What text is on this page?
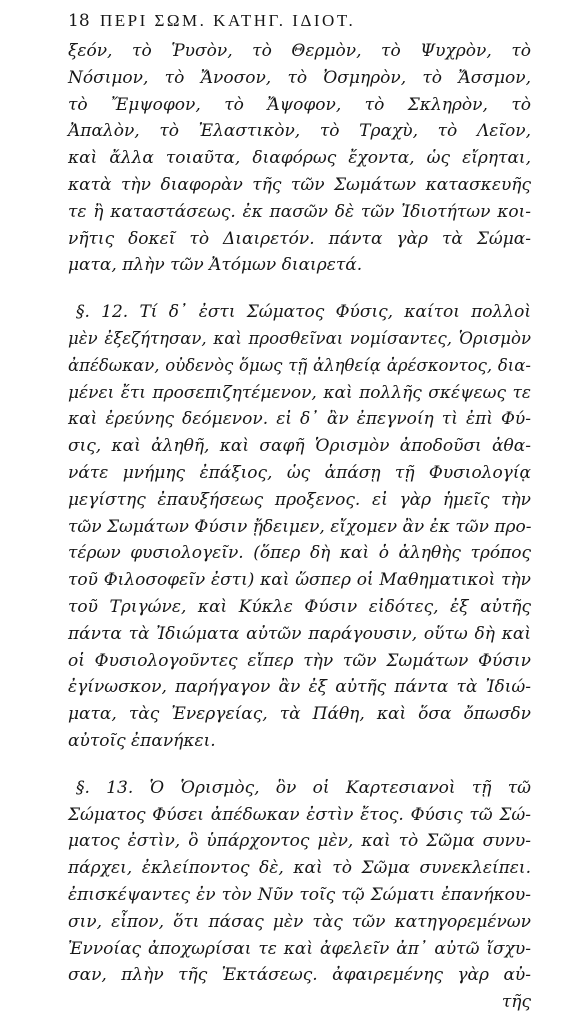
18 ΠΕΡΙ ΣΩΜ. ΚΑΤΗΓ. ΙΔΙΟΤ.

ξεόν, τὸ Ῥυσὸν, τὸ Θερμὸν, τὸ Ψυχρὸν, τὸ
Νόσιμον, τὸ Ἄνοσον, τὸ Ὀσμηρὸν, τὸ Ἄσσμον,
τὸ Ἔμψοφον, τὸ Ἄψοφον, τὸ Σκληρὸν, τὸ
Ἀπαλὸν, τὸ Ἐλαστικὸν, τὸ Τραχὺ, τὸ Λεῖον,
καὶ ἄλλα τοιαῦτα, διαφόρως ἔχοντα, ὡς εἴρηται,
κατὰ τὴν διαφορὰν τῆς τῶν Σωμάτων κατασκευῆς
τε ἢ καταστάσεως. ἐκ πασῶν δὲ τῶν Ἰδιοτήτων κοι-
νῆτις δοκεῖ τὸ Διαιρετόν. πάντα γὰρ τὰ Σώμα-
ματα, πλὴν τῶν Ἀτόμων διαιρετά.

§. 12. Τί δ᾽ ἐστι Σώματος Φύσις, καίτοι πολλοὶ
μὲν ἐξεζήτησαν, καὶ προσθεῖναι νομίσαντες, Ὁρισμὸν
ἀπέδωκαν, οὐδενὸς ὅμως τῇ ἀληθείᾳ ἀρέσκοντος, δια-
μένει ἔτι προσεπιζητέμενον, καὶ πολλῆς σκέψεως τε
καὶ ἐρεύνης δεόμενον. εἰ δ᾽ ἂν ἐπεγνοίη τὶ ἐπὶ Φύ-
σις, καὶ ἀληθῆ, καὶ σαφῆ Ὁρισμὸν ἀποδοῦσι ἀθα-
νάτε μνήμης ἐπάξιος, ὡς ἁπάσῃ τῇ Φυσιολογίᾳ
μεγίστης ἐπαυξήσεως προξενος. εἰ γὰρ ἡμεῖς τὴν
τῶν Σωμάτων Φύσιν ᾔδειμεν, εἴχομεν ἂν ἐκ τῶν προ-
τέρων φυσιολογεῖν. (ὅπερ δὴ καὶ ὁ ἀληθὴς τρόπος
τοῦ Φιλοσοφεῖν ἐστι) καὶ ὥσπερ οἱ Μαθηματικοὶ τὴν
τοῦ Τριγώνε, καὶ Κύκλε Φύσιν εἰδότες, ἐξ αὐτῆς
πάντα τὰ Ἰδιώματα αὐτῶν παράγουσιν, οὕτω δὴ καὶ
οἱ Φυσιολογοῦντες εἴπερ τὴν τῶν Σωμάτων Φύσιν
ἐγίνωσκον, παρήγαγον ἂν ἐξ αὐτῆς πάντα τὰ Ἰδιώ-
ματα, τὰς Ἐνεργείας, τὰ Πάθη, καὶ ὅσα ὄπωσδν
αὐτοῖς ἐπανήκει.

§. 13. Ὁ Ὁρισμὸς, ὃν οἱ Καρτεσιανοὶ τῇ τῶ
Σώματος Φύσει ἀπέδωκαν ἐστὶν ἔτος. Φύσις τῶ Σώ-
ματος ἐστὶν, ὃ ὑπάρχοντος μὲν, καὶ τὸ Σῶμα συνυ-
πάρχει, ἐκλείποντος δὲ, καὶ τὸ Σῶμα συνεκλείπει.
ἐπισκέψαντες ἐν τὸν Νῦν τοῖς τῷ Σώματι ἐπανήκου-
σιν, εἶπον, ὅτι πάσας μὲν τὰς τῶν κατηγορεμένων
Ἐννοίας ἀποχωρίσαι τε καὶ ἀφελεῖν ἀπ᾽ αὐτῶ ἴσχυ-
σαν, πλὴν τῆς Ἐκτάσεως. ἀφαιρεμένης γὰρ αὐ-
τῆς
